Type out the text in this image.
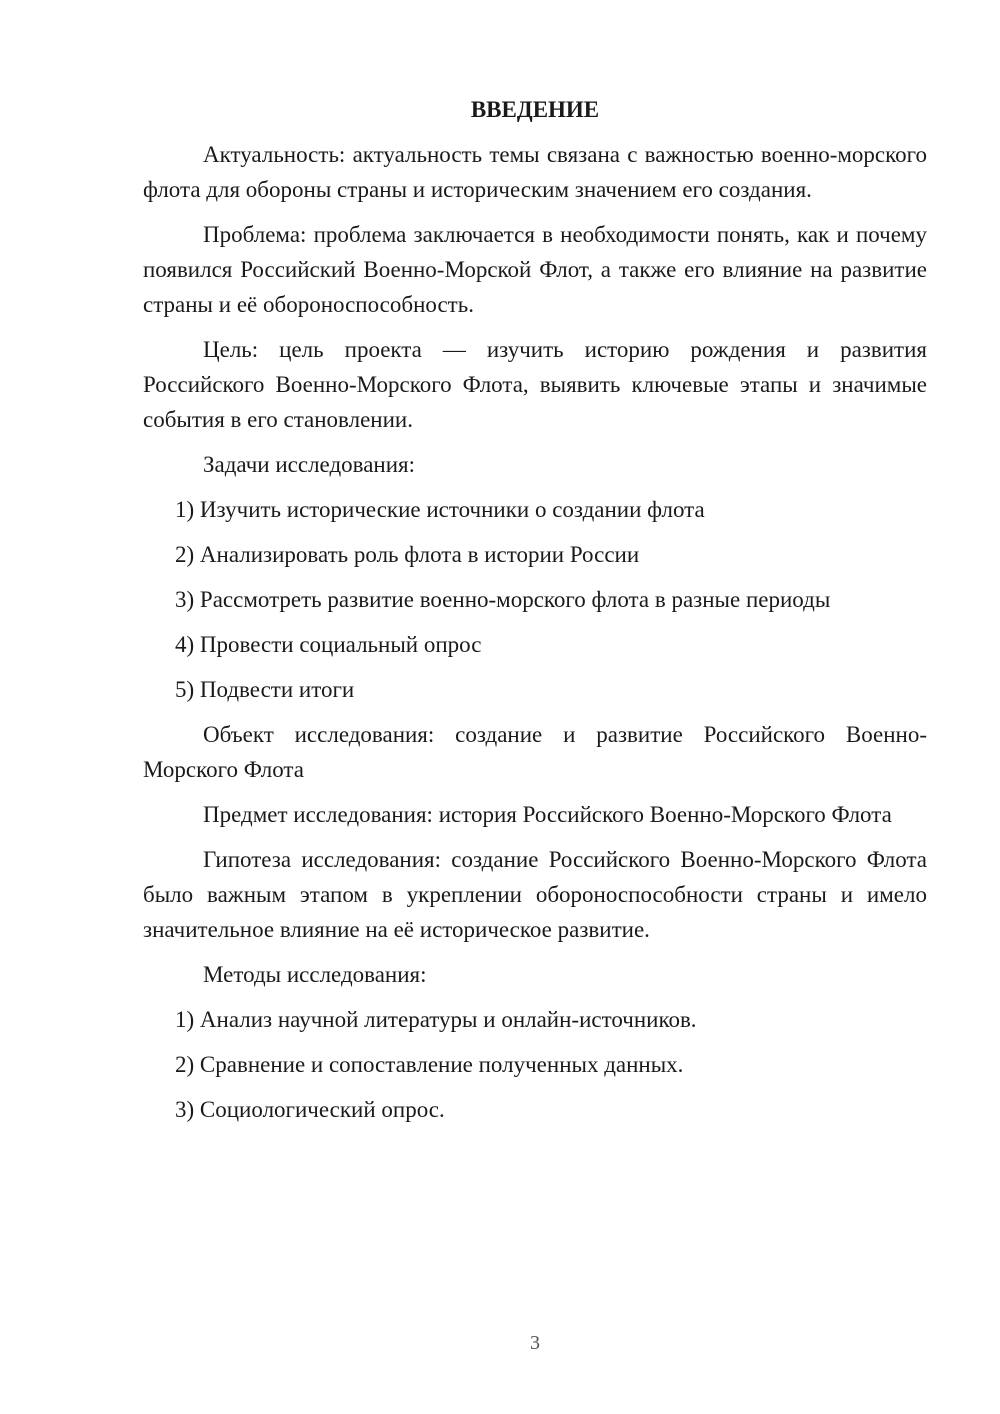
ВВЕДЕНИЕ

Актуальность: актуальность темы связана с важностью военно-морского флота для обороны страны и историческим значением его создания.

Проблема: проблема заключается в необходимости понять, как и почему появился Российский Военно-Морской Флот, а также его влияние на развитие страны и её обороноспособность.

Цель: цель проекта — изучить историю рождения и развития Российского Военно-Морского Флота, выявить ключевые этапы и значимые события в его становлении.

Задачи исследования:

1) Изучить исторические источники о создании флота
2) Анализировать роль флота в истории России
3) Рассмотреть развитие военно-морского флота в разные периоды
4) Провести социальный опрос
5) Подвести итоги

Объект исследования: создание и развитие Российского Военно-Морского Флота

Предмет исследования: история Российского Военно-Морского Флота

Гипотеза исследования: создание Российского Военно-Морского Флота было важным этапом в укреплении обороноспособности страны и имело значительное влияние на её историческое развитие.

Методы исследования:

1) Анализ научной литературы и онлайн-источников.
2) Сравнение и сопоставление полученных данных.
3) Социологический опрос.
3
